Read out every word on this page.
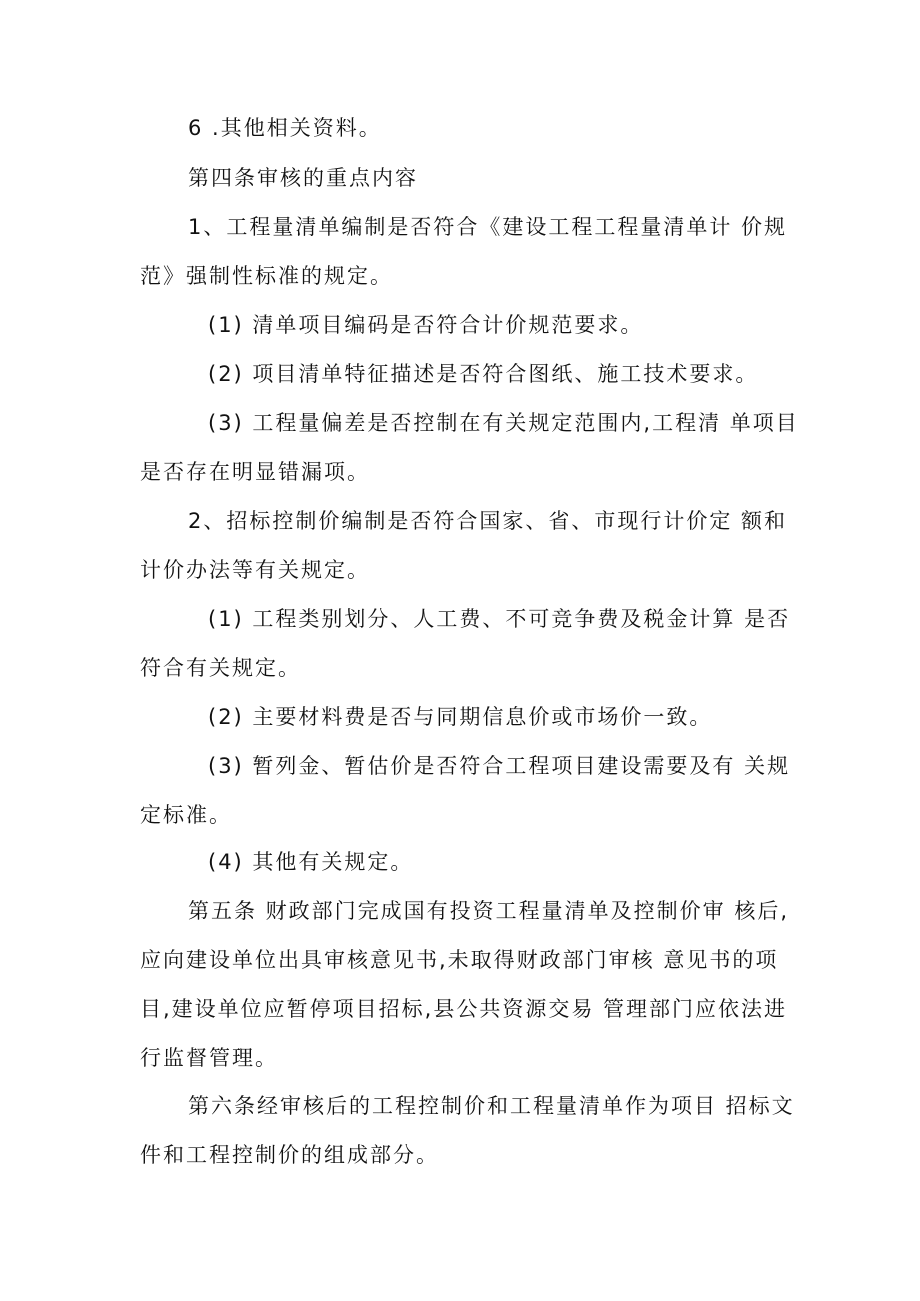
6 .其他相关资料。

第四条审核的重点内容

1、工程量清单编制是否符合《建设工程工程量清单计 价规范》强制性标准的规定。

(1) 清单项目编码是否符合计价规范要求。

(2) 项目清单特征描述是否符合图纸、施工技术要求。

(3) 工程量偏差是否控制在有关规定范围内,工程清 单项目是否存在明显错漏项。

2、招标控制价编制是否符合国家、省、市现行计价定 额和计价办法等有关规定。

(1) 工程类别划分、人工费、不可竞争费及税金计算 是否符合有关规定。

(2) 主要材料费是否与同期信息价或市场价一致。

(3) 暂列金、暂估价是否符合工程项目建设需要及有 关规定标准。

(4) 其他有关规定。

第五条 财政部门完成国有投资工程量清单及控制价审 核后,应向建设单位出具审核意见书,未取得财政部门审核 意见书的项目,建设单位应暂停项目招标,县公共资源交易 管理部门应依法进行监督管理。

第六条经审核后的工程控制价和工程量清单作为项目 招标文件和工程控制价的组成部分。
